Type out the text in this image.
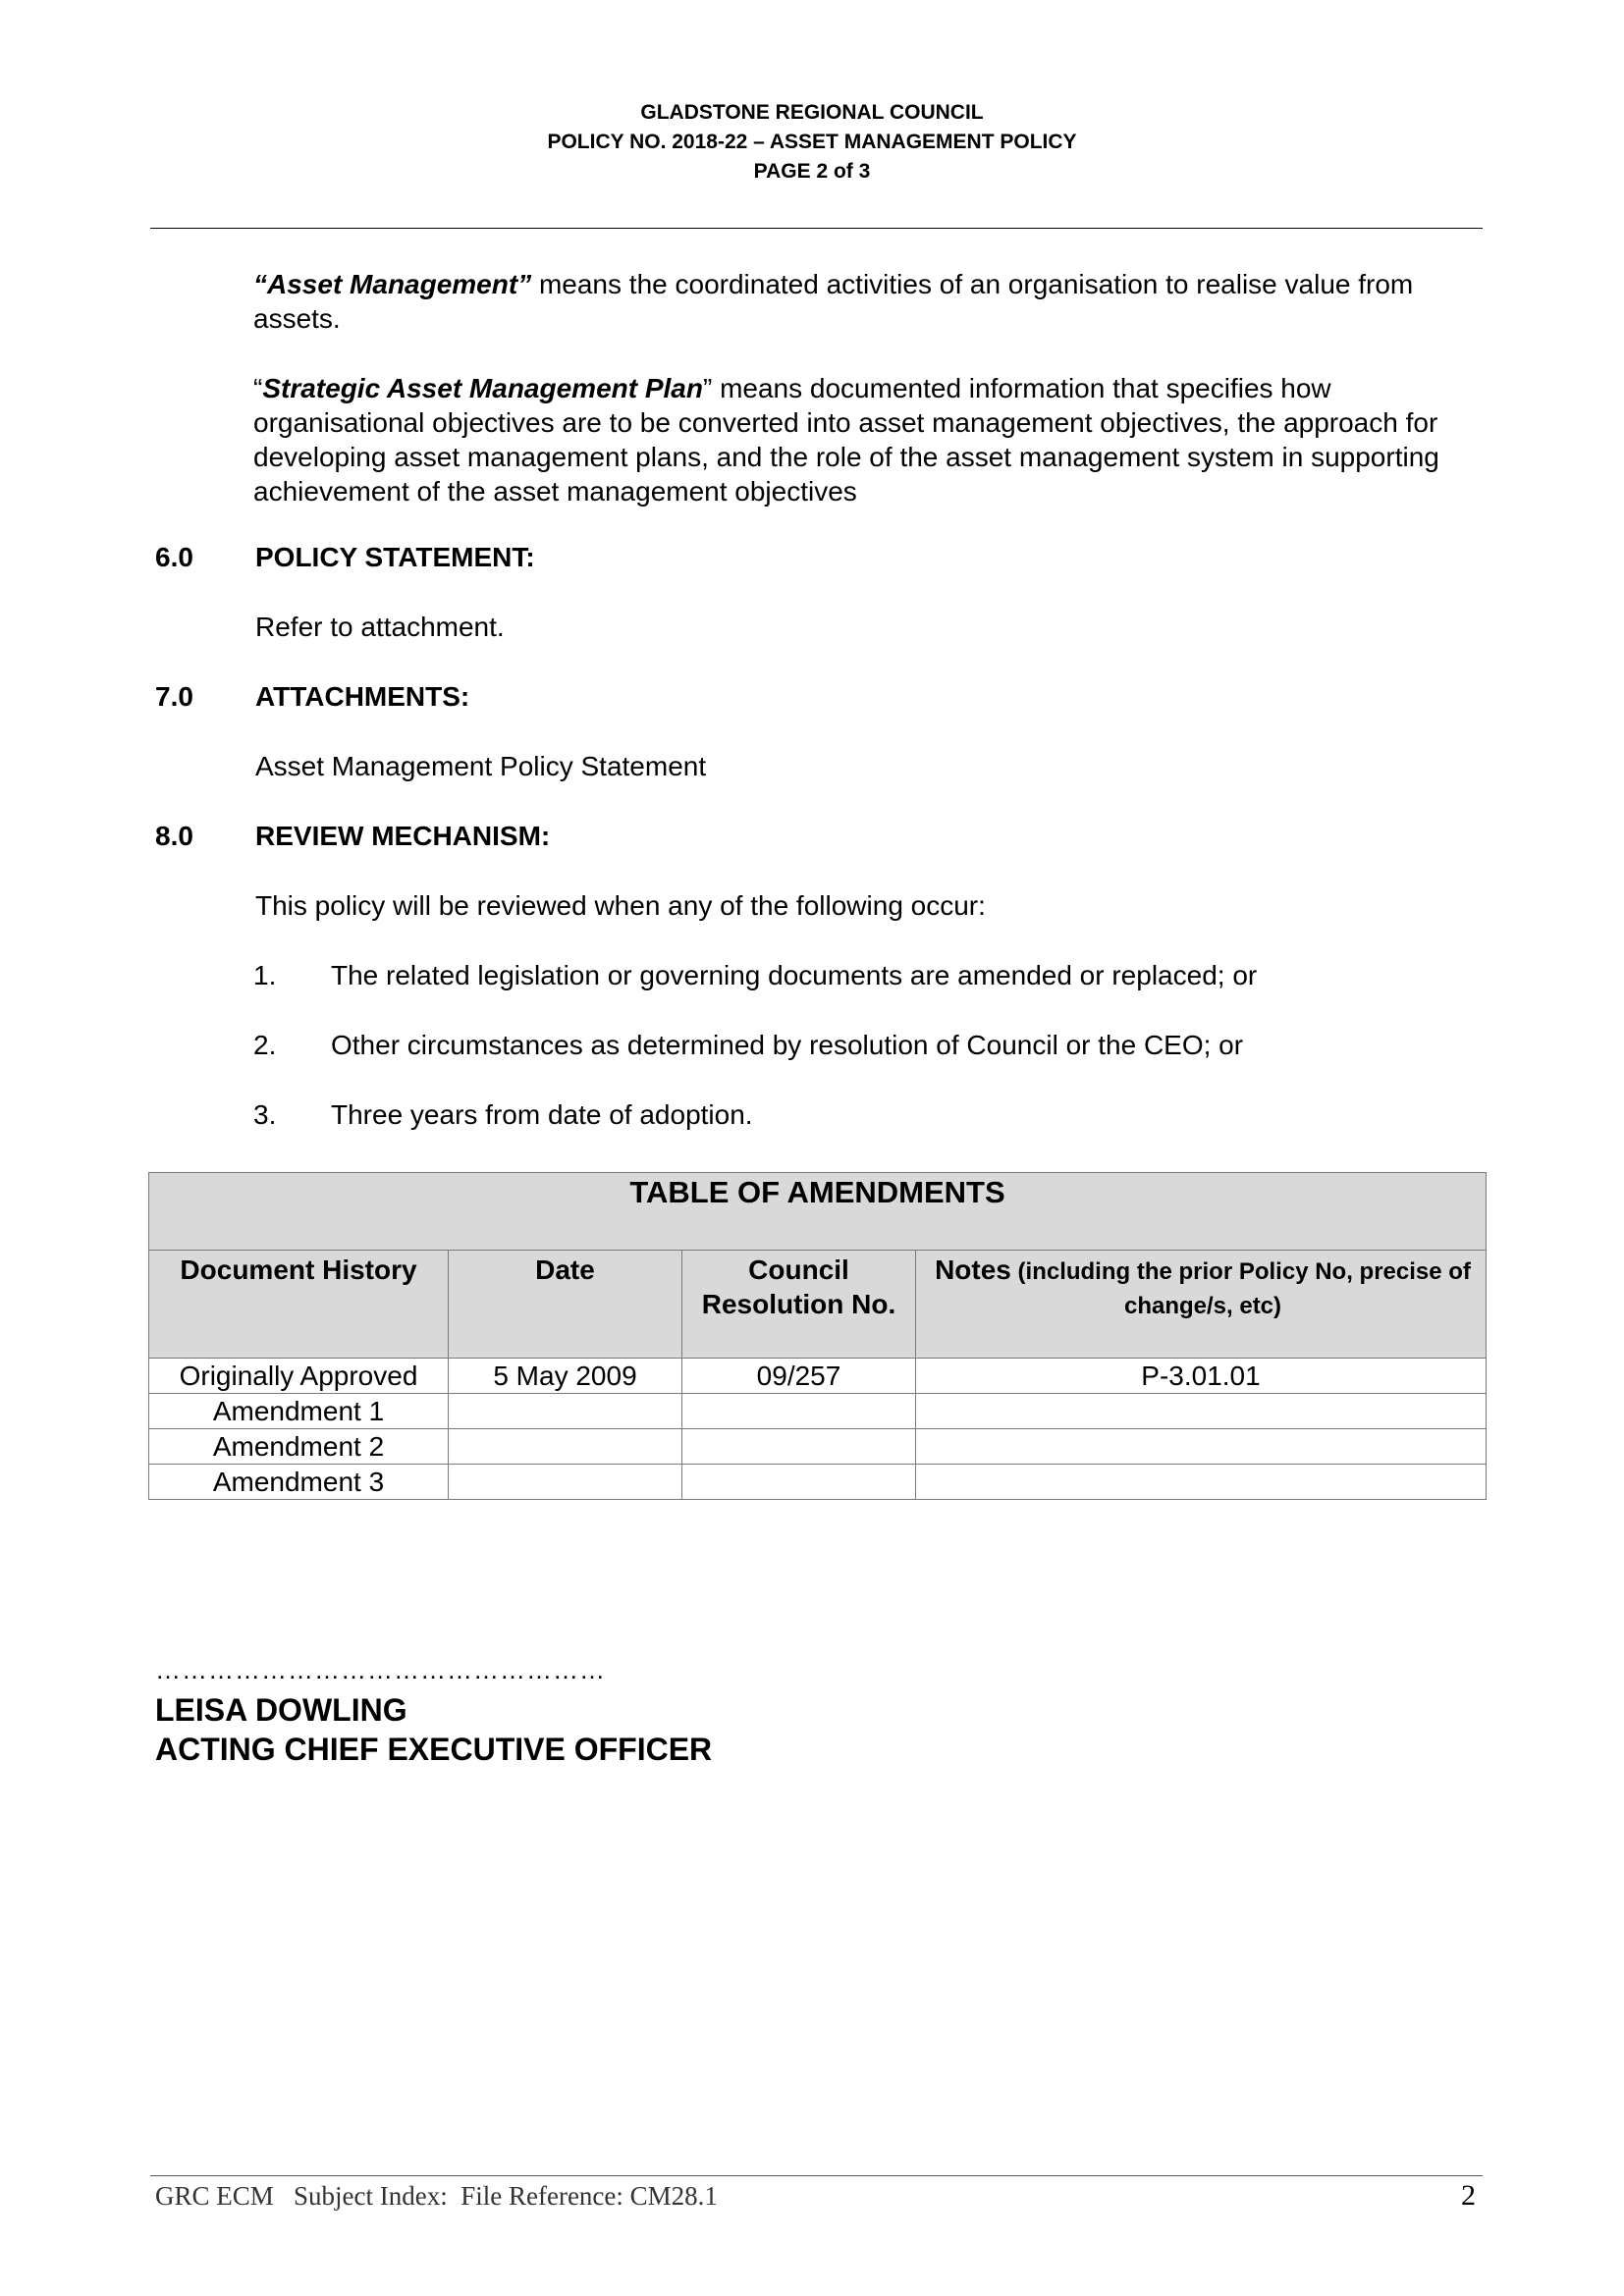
GLADSTONE REGIONAL COUNCIL
POLICY NO. 2018-22 – ASSET MANAGEMENT POLICY
PAGE 2 of 3

“Asset Management” means the coordinated activities of an organisation to realise value from assets.

“Strategic Asset Management Plan” means documented information that specifies how organisational objectives are to be converted into asset management objectives, the approach for developing asset management plans, and the role of the asset management system in supporting achievement of the asset management objectives

6.0 POLICY STATEMENT:
Refer to attachment.
7.0 ATTACHMENTS:
Asset Management Policy Statement
8.0 REVIEW MECHANISM:
This policy will be reviewed when any of the following occur:
1. The related legislation or governing documents are amended or replaced; or
2. Other circumstances as determined by resolution of Council or the CEO; or
3. Three years from date of adoption.
TABLE OF AMENDMENTS			
Document History	Date	Council Resolution No.	Notes (including the prior Policy No, precise of change/s, etc)
Originally Approved	5 May 2009	09/257	P-3.01.01
Amendment 1			
Amendment 2			
Amendment 3			
……………………………………………
LEISA DOWLING
ACTING CHIEF EXECUTIVE OFFICER
GRC ECM   Subject Index:  File Reference: CM28.1	2
